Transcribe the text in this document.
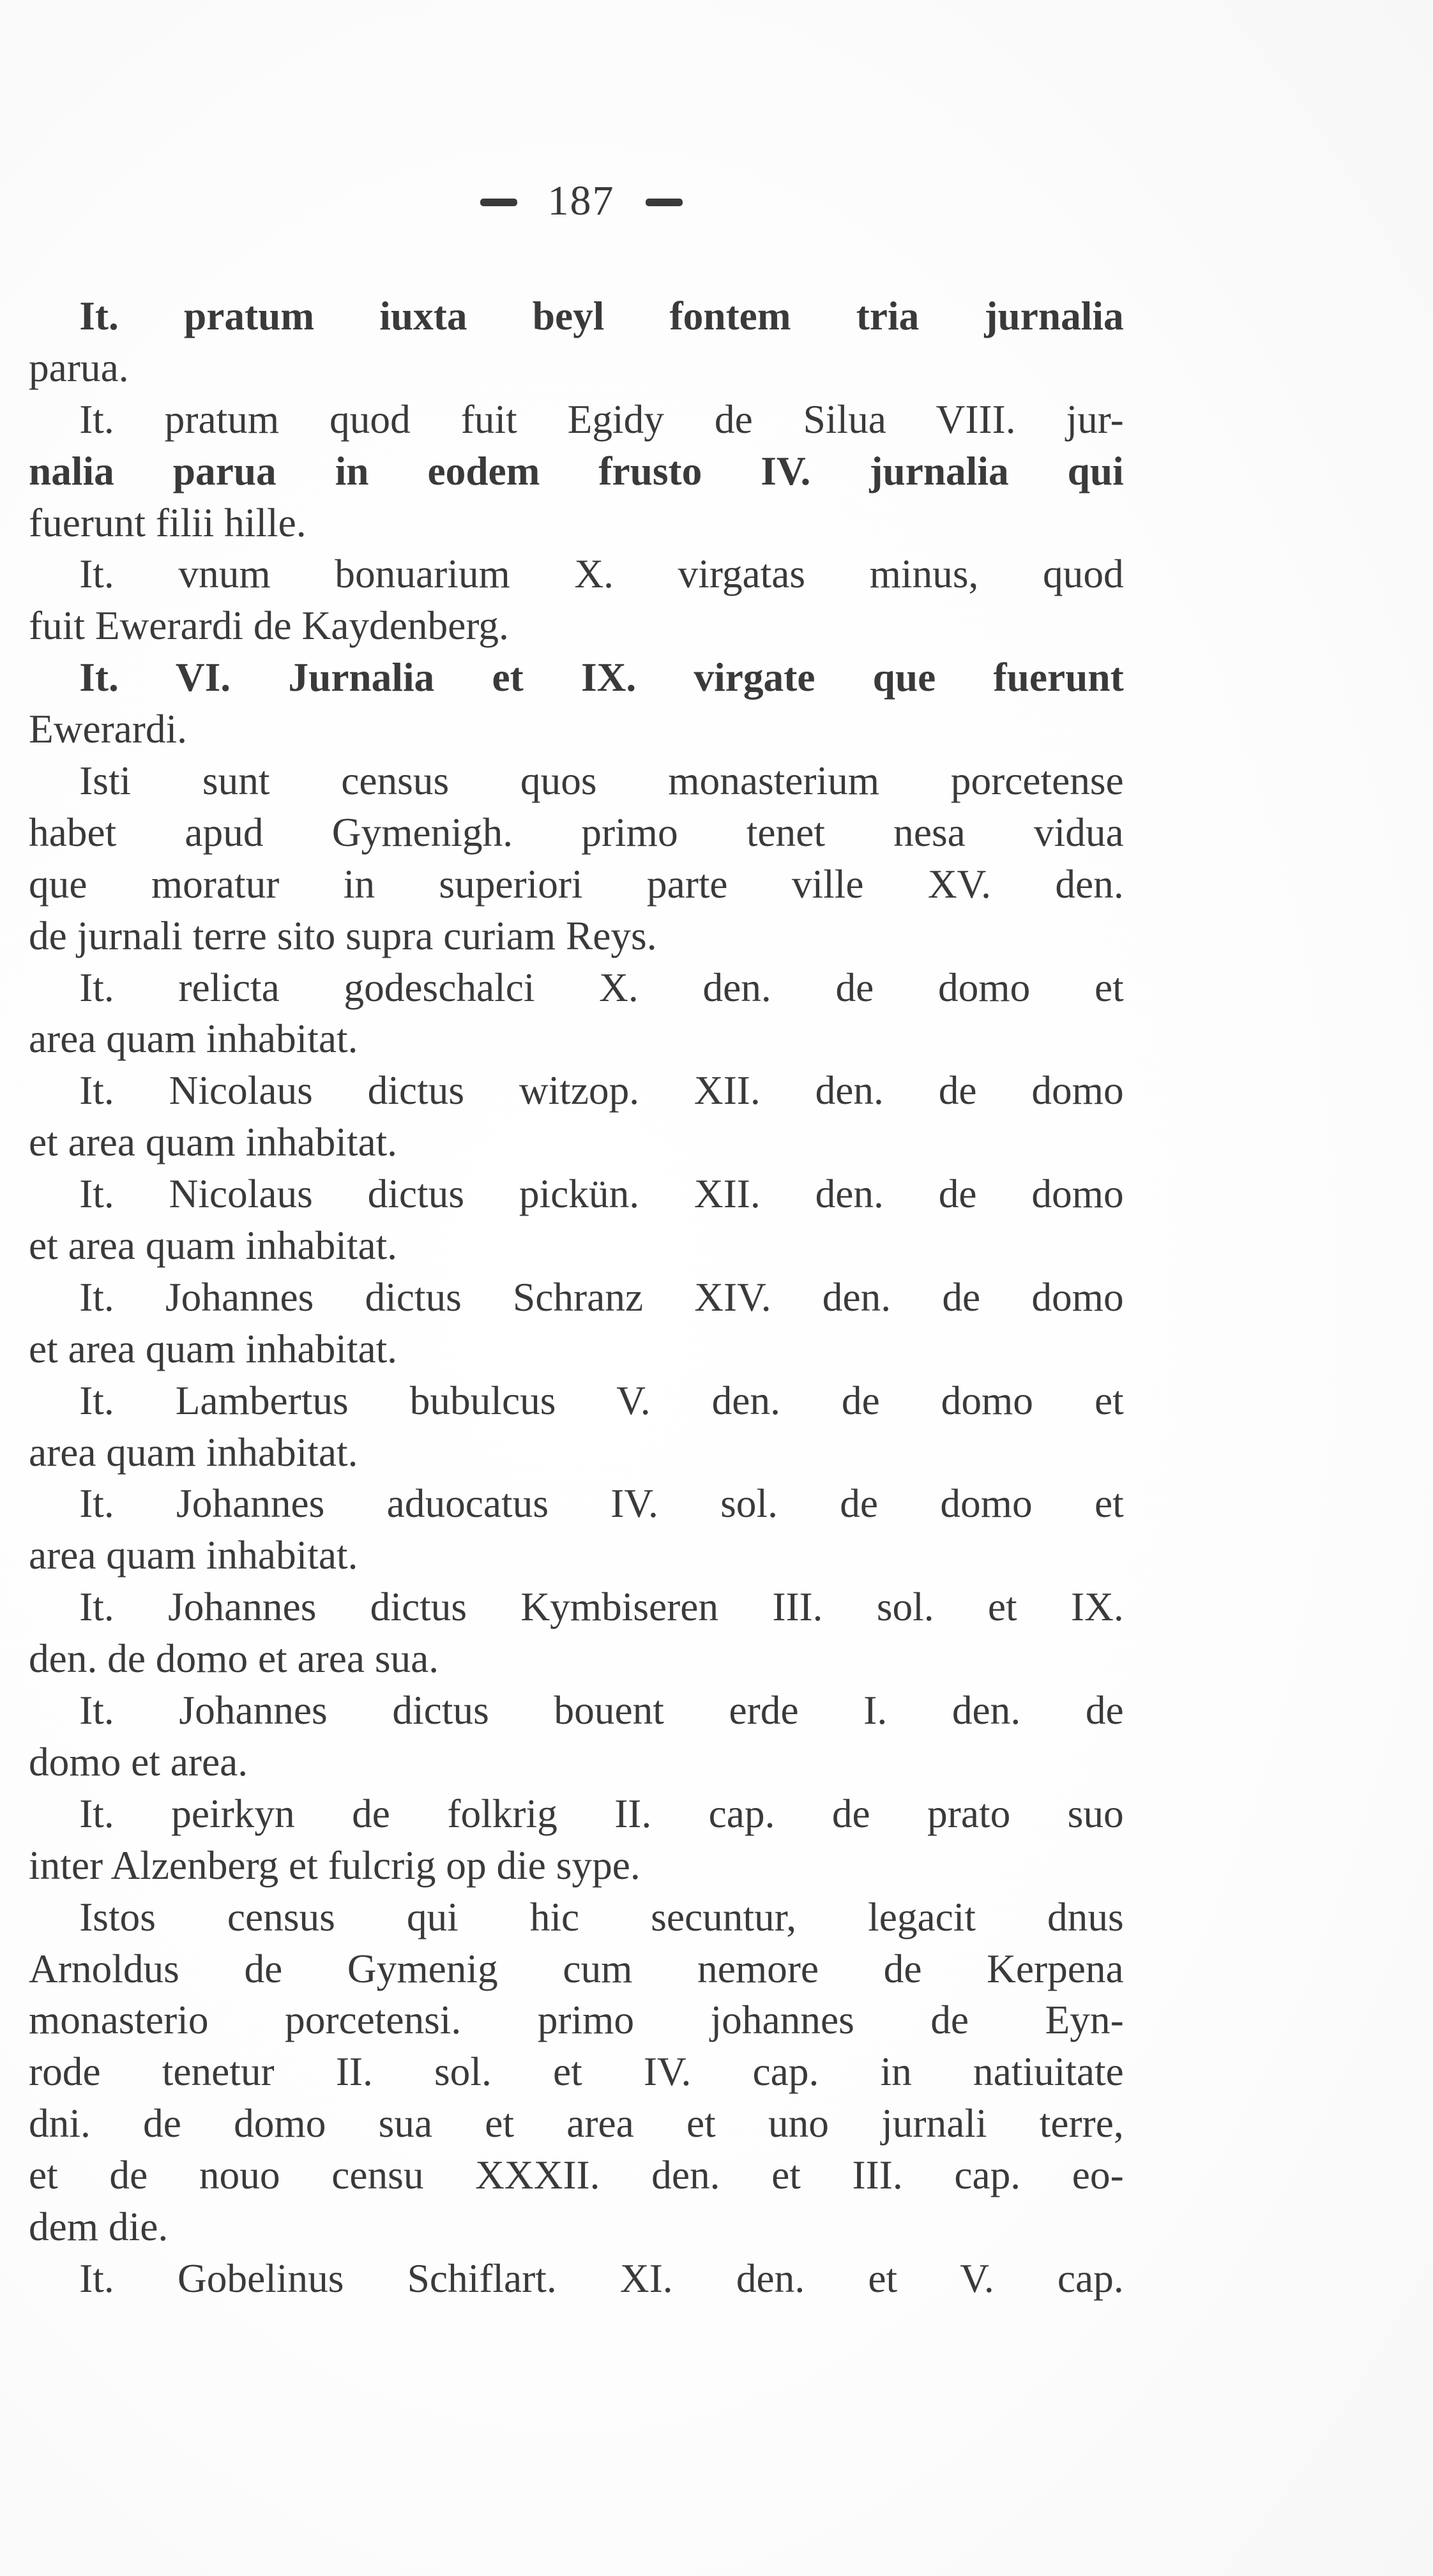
187
It. pratum iuxta beyl fontem tria jurnalia
parua.
It. pratum quod fuit Egidy de Silua VIII. jur-
nalia parua in eodem frusto IV. jurnalia qui
fuerunt filii hille.
It. vnum bonuarium X. virgatas minus, quod
fuit Ewerardi de Kaydenberg.
It. VI. Jurnalia et IX. virgate que fuerunt
Ewerardi.
Isti sunt census quos monasterium porcetense
habet apud Gymenigh. primo tenet nesa vidua
que moratur in superiori parte ville XV. den.
de jurnali terre sito supra curiam Reys.
It. relicta godeschalci X. den. de domo et
area quam inhabitat.
It. Nicolaus dictus witzop. XII. den. de domo
et area quam inhabitat.
It. Nicolaus dictus pickün. XII. den. de domo
et area quam inhabitat.
It. Johannes dictus Schranz XIV. den. de domo
et area quam inhabitat.
It. Lambertus bubulcus V. den. de domo et
area quam inhabitat.
It. Johannes aduocatus IV. sol. de domo et
area quam inhabitat.
It. Johannes dictus Kymbiseren III. sol. et IX.
den. de domo et area sua.
It. Johannes dictus bouent erde I. den. de
domo et area.
It. peirkyn de folkrig II. cap. de prato suo
inter Alzenberg et fulcrig op die sype.
Istos census qui hic secuntur, legacit dnus
Arnoldus de Gymenig cum nemore de Kerpena
monasterio porcetensi. primo johannes de Eyn-
rode tenetur II. sol. et IV. cap. in natiuitate
dni. de domo sua et area et uno jurnali terre,
et de nouo censu XXXII. den. et III. cap. eo-
dem die.
It. Gobelinus Schiflart. XI. den. et V. cap.
